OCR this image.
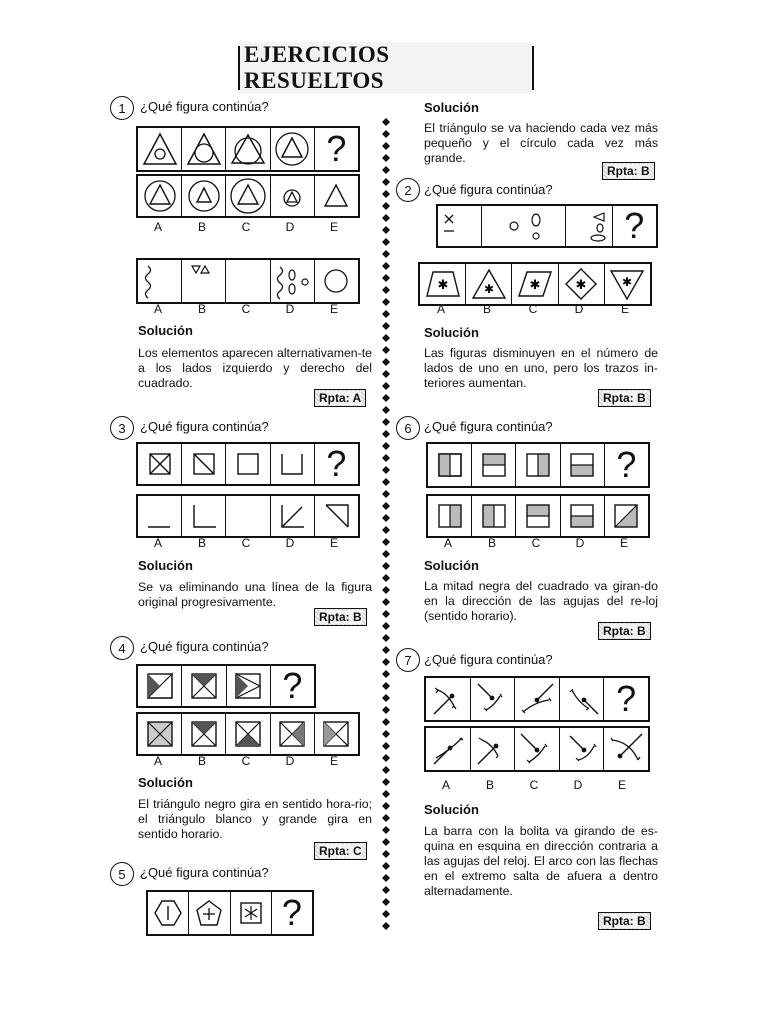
EJERCICIOS RESUELTOS
1	¿Qué figura continúa?
?
A	B	C	D	E
A	B	C	D	E
Solución
Los elementos aparecen alternativamen-te a los lados izquierdo y derecho del cuadrado.
Rpta: A
3	¿Qué figura continúa?
?
A	B	C	D	E
Solución
Se va eliminando una línea de la figura original progresivamente.
Rpta: B
4	¿Qué figura continúa?
?
A	B	C	D	E
Solución
El triángulo negro gira en sentido hora-rio; el triángulo blanco y grande gira en sentido horario.
Rpta: C
5	¿Qué figura continúa?
?
Solución
El triángulo se va haciendo cada vez más pequeño y el círculo cada vez más grande.
Rpta: B
2 ¿Qué figura continúa?
?
✱	✱	✱	✱	✱
A	B	C	D	E
Solución
Las figuras disminuyen en el número de lados de uno en uno, pero los trazos in-teriores aumentan.
Rpta: B
6 ¿Qué figura continúa?
?
A	B	C	D	E
Solución
La mitad negra del cuadrado va giran-do en la dirección de las agujas del re-loj (sentido horario).
Rpta: B
7 ¿Qué figura continúa?
?
A	B	C	D	E
Solución
La barra con la bolita va girando de es-quina en esquina en dirección contraria a las agujas del reloj. El arco con las flechas en el extremo salta de afuera a dentro alternadamente.
Rpta: B
